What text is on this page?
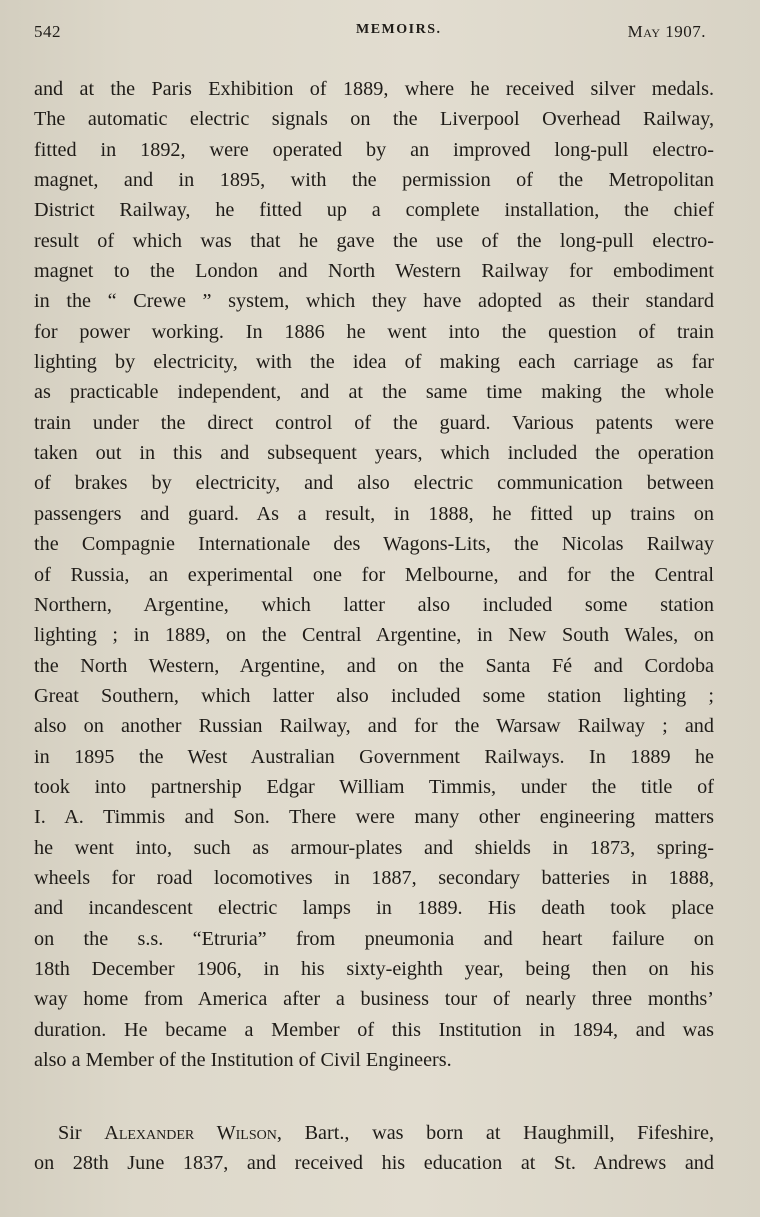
542	MEMOIRS.	May 1907.
and at the Paris Exhibition of 1889, where he received silver medals.
The automatic electric signals on the Liverpool Overhead Railway,
fitted in 1892, were operated by an improved long-pull electro-
magnet, and in 1895, with the permission of the Metropolitan
District Railway, he fitted up a complete installation, the chief
result of which was that he gave the use of the long-pull electro-
magnet to the London and North Western Railway for embodiment
in the “ Crewe ” system, which they have adopted as their standard
for power working. In 1886 he went into the question of train
lighting by electricity, with the idea of making each carriage as far
as practicable independent, and at the same time making the whole
train under the direct control of the guard. Various patents were
taken out in this and subsequent years, which included the operation
of brakes by electricity, and also electric communication between
passengers and guard. As a result, in 1888, he fitted up trains on
the Compagnie Internationale des Wagons-Lits, the Nicolas Railway
of Russia, an experimental one for Melbourne, and for the Central
Northern, Argentine, which latter also included some station
lighting ; in 1889, on the Central Argentine, in New South Wales, on
the North Western, Argentine, and on the Santa Fé and Cordoba
Great Southern, which latter also included some station lighting ;
also on another Russian Railway, and for the Warsaw Railway ; and
in 1895 the West Australian Government Railways. In 1889 he
took into partnership Edgar William Timmis, under the title of
I. A. Timmis and Son. There were many other engineering matters
he went into, such as armour-plates and shields in 1873, spring-
wheels for road locomotives in 1887, secondary batteries in 1888,
and incandescent electric lamps in 1889. His death took place
on the s.s. “Etruria” from pneumonia and heart failure on
18th December 1906, in his sixty-eighth year, being then on his
way home from America after a business tour of nearly three months’
duration. He became a Member of this Institution in 1894, and was
also a Member of the Institution of Civil Engineers.
Sir Alexander Wilson, Bart., was born at Haughmill, Fifeshire,
on 28th June 1837, and received his education at St. Andrews and
